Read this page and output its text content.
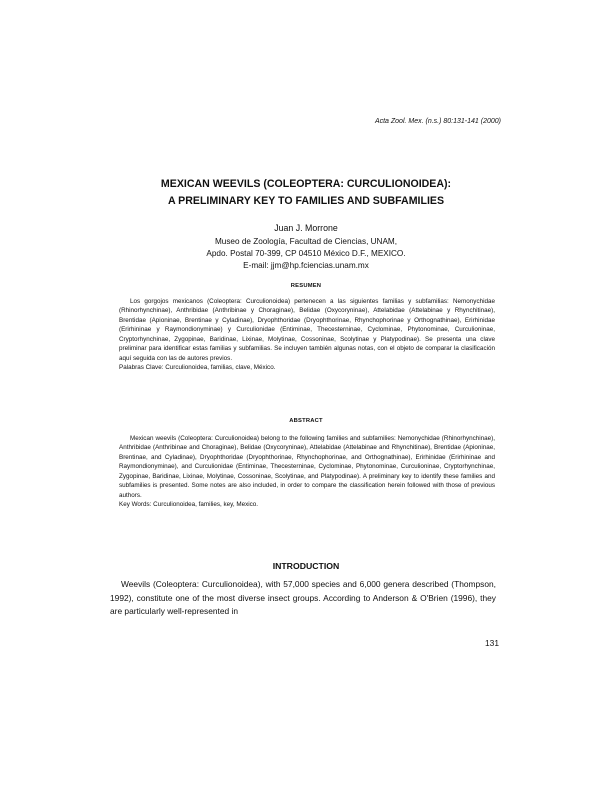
Acta Zool. Mex. (n.s.) 80:131-141 (2000)

MEXICAN WEEVILS (COLEOPTERA: CURCULIONOIDEA):
A PRELIMINARY KEY TO FAMILIES AND SUBFAMILIES

Juan J. Morrone

Museo de Zoología, Facultad de Ciencias, UNAM,

Apdo. Postal 70-399, CP 04510 México D.F., MEXICO.

E-mail: jjm@hp.fciencias.unam.mx

RESUMEN

Los gorgojos mexicanos (Coleoptera: Curculionoidea) pertenecen a las siguientes familias y subfamilias: Nemonychidae (Rhinorhynchinae), Anthribidae (Anthribinae y Choraginae), Belidae (Oxycoryninae), Attelabidae (Attelabinae y Rhynchitinae), Brentidae (Apioninae, Brentinae y Cyladinae), Dryophthoridae (Dryophthorinae, Rhynchophorinae y Orthognathinae), Erirhinidae (Erirhininae y Raymondionyminae) y Curculionidae (Entiminae, Thecesterninae, Cyclominae, Phytonominae, Curculioninae, Cryptorhynchinae, Zygopinae, Baridinae, Lixinae, Molytinae, Cossoninae, Scolytinae y Platypodinae). Se presenta una clave preliminar para identificar estas familias y subfamilias. Se incluyen también algunas notas, con el objeto de comparar la clasificación aquí seguida con las de autores previos.

Palabras Clave: Curculionoidea, familias, clave, México.

ABSTRACT

Mexican weevils (Coleoptera: Curculionoidea) belong to the following families and subfamilies: Nemonychidae (Rhinorhynchinae), Anthribidae (Anthribinae and Choraginae), Belidae (Oxycoryninae), Attelabidae (Attelabinae and Rhynchitinae), Brentidae (Apioninae, Brentinae, and Cyladinae), Dryophthoridae (Dryophthorinae, Rhynchophorinae, and Orthognathinae), Erirhinidae (Erirhininae and Raymondionyminae), and Curculionidae (Entiminae, Thecesterninae, Cyclominae, Phytonominae, Curculioninae, Cryptorhynchinae, Zygopinae, Baridinae, Lixinae, Molytinae, Cossoninae, Scolytinae, and Platypodinae). A preliminary key to identify these families and subfamilies is presented. Some notes are also included, in order to compare the classification herein followed with those of previous authors.

Key Words: Curculionoidea, families, key, Mexico.

INTRODUCTION

Weevils (Coleoptera: Curculionoidea), with 57,000 species and 6,000 genera described (Thompson, 1992), constitute one of the most diverse insect groups. According to Anderson & O'Brien (1996), they are particularly well-represented in

131
